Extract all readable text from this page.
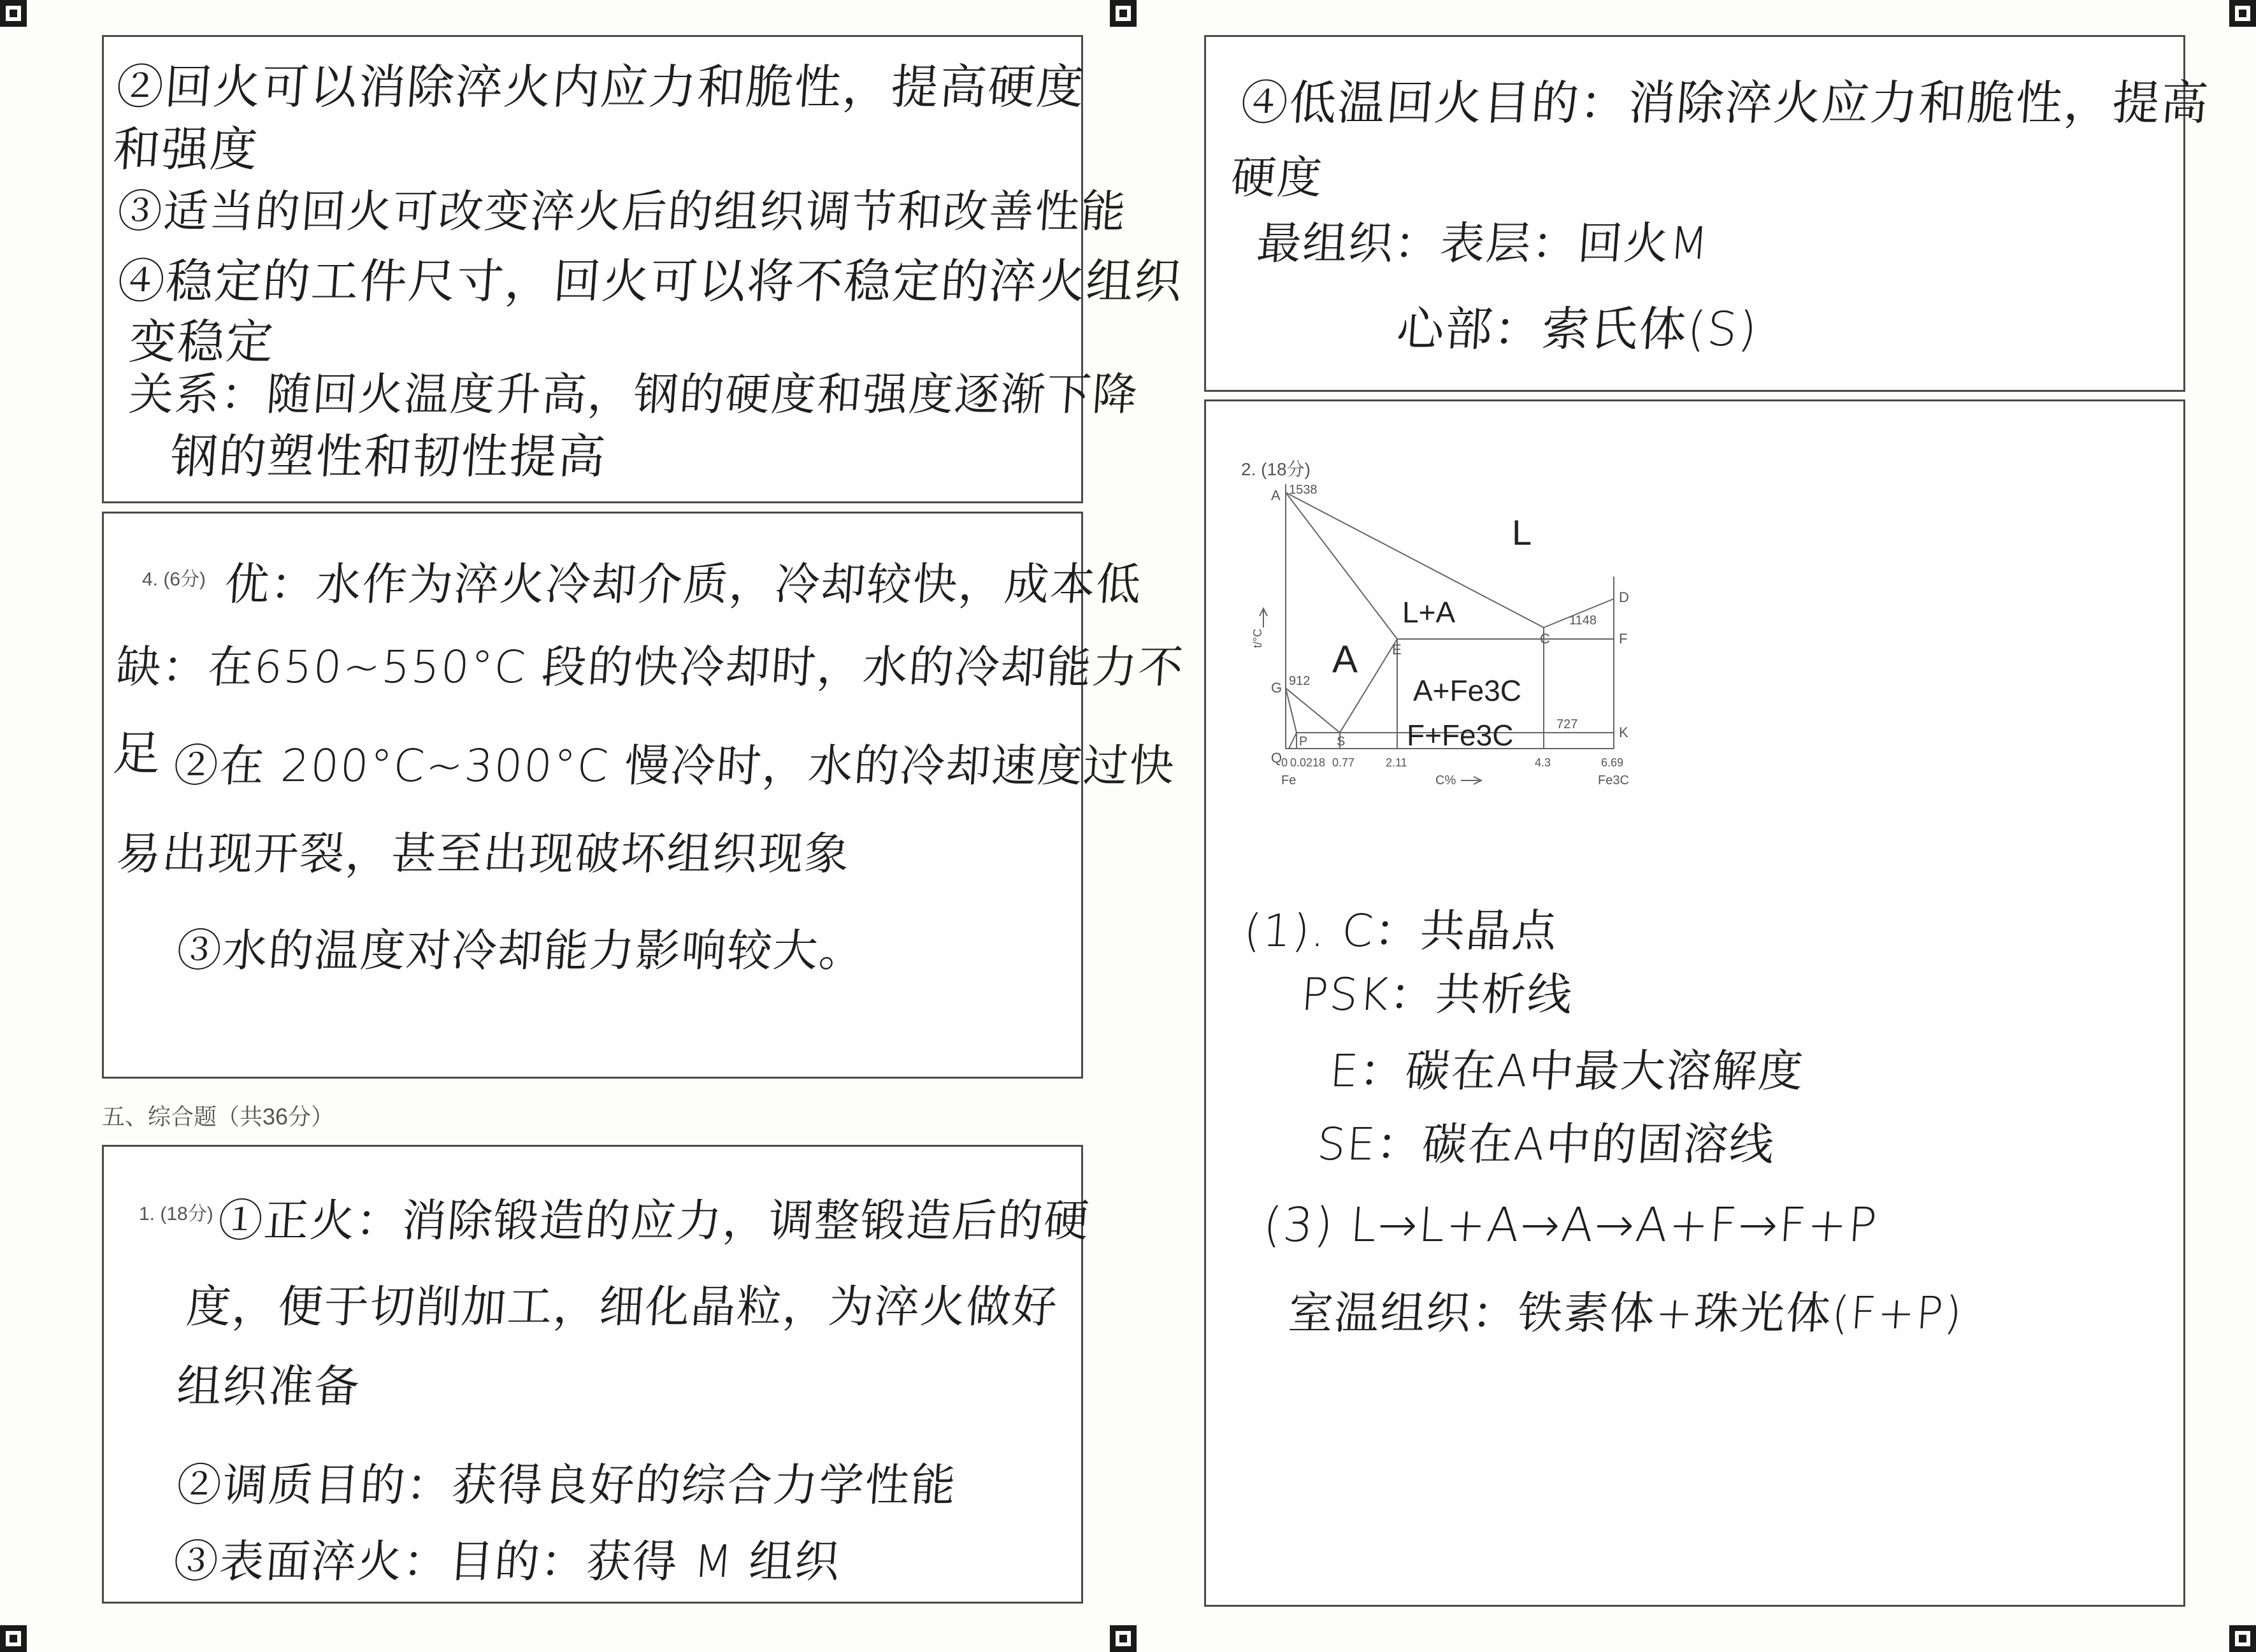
②回火可以消除淬火内应力和脆性，提高硬度
和强度
③适当的回火可改变淬火后的组织调节和改善性能
④稳定的工件尺寸，回火可以将不稳定的淬火组织
变稳定
关系：随回火温度升高，钢的硬度和强度逐渐下降
钢的塑性和韧性提高
4. (6分) 优：水作为淬火冷却介质，冷却较快，成本低
缺：在650~550°C 段的快冷却时，水的冷却能力不
足 ②在 200°C~300°C 慢冷时，水的冷却速度过快
易出现开裂，甚至出现破坏组织现象
③水的温度对冷却能力影响较大。
五、综合题（共36分）
1. (18分) ①正火：消除锻造的应力，调整锻造后的硬
度，便于切削加工，细化晶粒，为淬火做好
组织准备
②调质目的：获得良好的综合力学性能
③表面淬火：目的：获得 M 组织
④低温回火目的：消除淬火应力和脆性，提高
硬度
最组织：表层：回火M
心部：索氏体(S)
2. (18分)
1538
1148
912
727
A
D
E
C	F
G
P S
K
Q
0 0.0218 0.77	2.11	4.3	6.69
Fe	C%	Fe3C
t/°C
L
L+A
A
A+Fe3C
F+Fe3C
(1). C：共晶点
PSK：共析线
E：碳在A中最大溶解度
SE：碳在A中的固溶线
(3) L→L+A→A→A+F→F+P
室温组织：铁素体+珠光体(F+P)
